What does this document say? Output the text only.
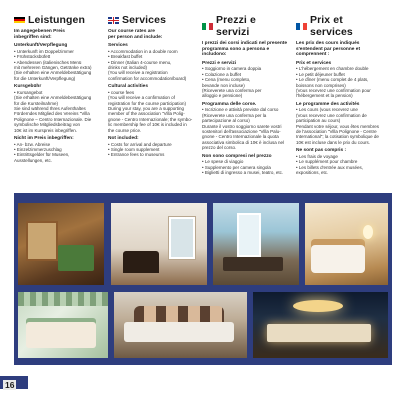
Leistungen
Im angegebenen Preis
inbegriffen sind:
Unterkunft/Verpflegung
• Unterkunft im Doppelzimmer
• Frühstücksbüfett
• Abendessen (italienisches Menü
mit mehreren Gängen, Getränke extra)
(Sie erhalten eine Anmeldebestätigung
für die Unterkunft/Verpflegung)
Kursgebühr
• Kursangebot
(Sie erhalten eine Anmeldebestätigung
für die Kursteilnahme)
Sie sind während Ihres Aufenthaltes
Förderndes Mitglied des Vereins "Villa
Polignone – Centro Internazionale. Die
symbolische Mitgliedsbeitrag von
10€ ist im Kurspreis inbegriffen.
Nicht im Preis inbegriffen:
• An- bzw. Abreise
• Einzelzimmerzuschlag
• Eintrittsgelder für Museen,
Ausstellungen, etc.
Services
Our course rates are
per person and include:
Services
• Accommodation in a double room
• Breakfast buffet
• Dinner (Italian 4-course menu,
drinks not included)
(You will receive a registration
confirmation for accommodation/board)
Cultural activities
• course fees
(You will receive a confirmation of
registration for the course participation)
During your stay, you are a supporting
member of the association "Villa Polig-
gnone - Centro Internazionale; the symbo-
lic membership fee of 10€ is included in
the course price.
Not included:
• Costs for arrival and departure
• Single room supplement
• Entrance fees to museums
Prezzi e servizi
I prezzi dei corsi indicati nel presente
programma sono a persona e includono:
Prezzi e servizi
• Soggiorno in camera doppia
• Colazione a buffet
• Cena (menu completo,
bevande non incluse)
(Riceverete una conferma per
alloggio e pensione)
Programma delle corse.
• Iscrizione e attività previste dal corso
(Riceverete una conferma per la
partecipazione al corso)
Durante il vostro soggiorno sarete vostri
sostenitori dell'associazione "Villa Palu-
gnone - Centro Internazionale la quota
associativa simbolica di 10€ è inclusa nel
prezzo del corso.
Non sono compresi nel prezzo
• Le spese di viaggio
• Supplemento per camera singola
• Biglietti di ingresso a musei, teatro, etc.
Prix et services
Les prix des cours indiqués
s'entendent par personne et
comprennent :
Prix et services
• L'hébergement en chambre double
• Le petit déjeuner buffet
• Le dîner (menu complet de 4 plats,
boissons non comprises)
(Vous recevrez une confirmation pour
l'hébergement et la pension)
Le programme des activités
• Les cours (vous recevrez une
(Vous recevrez une confirmation de
participation au cours)
Pendant votre séjour, vous êtes membres
de l'association "Villa Polignone - Centre
International"; la cotisation symbolique de
10€ est incluse dans le prix du cours.
Ne sont pas compris :
• Les frais de voyage
• Le supplément pour chambre
• Les billets d'entrée aux musées,
expositions, etc.
16
